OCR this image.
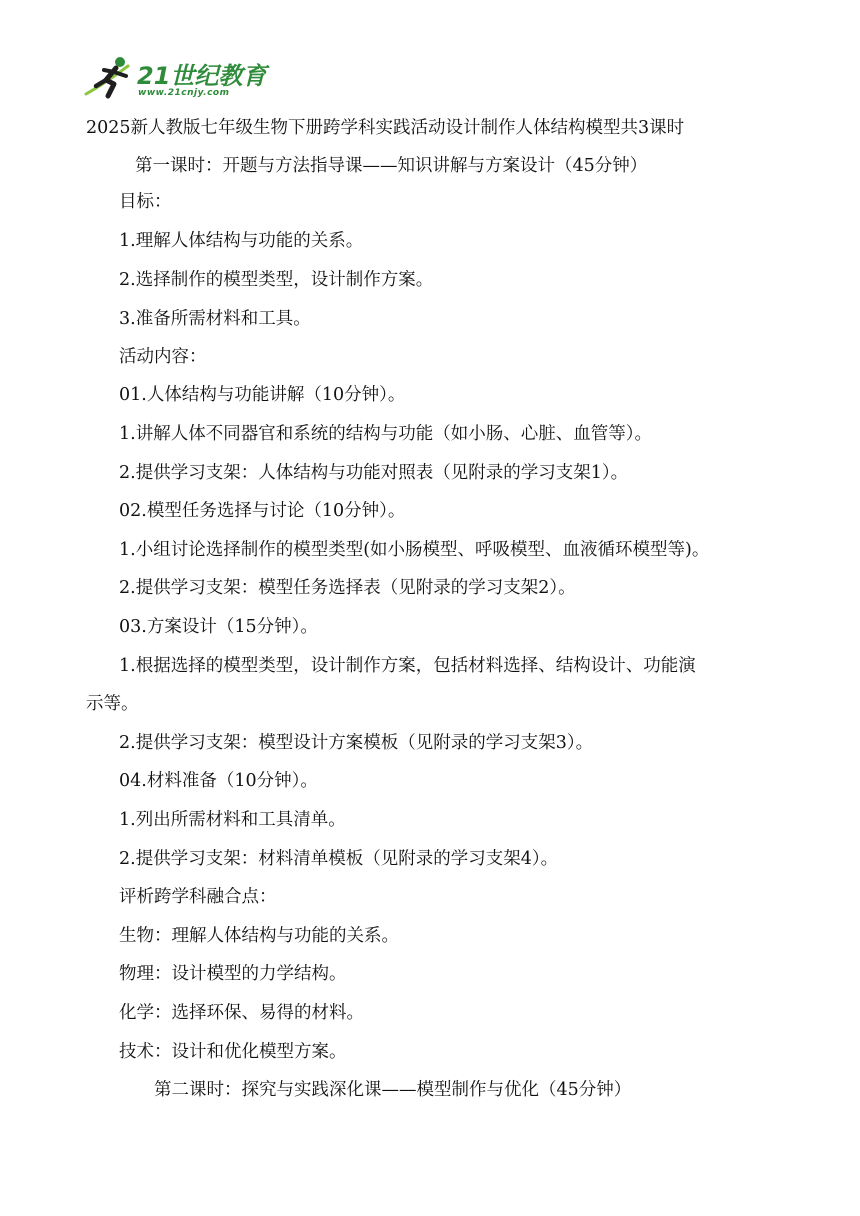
21世纪教育
www.21cnjy.com
2025新人教版七年级生物下册跨学科实践活动设计制作人体结构模型共3课时
第一课时：开题与方法指导课——知识讲解与方案设计（45分钟）
目标：
1.理解人体结构与功能的关系。
2.选择制作的模型类型，设计制作方案。
3.准备所需材料和工具。
活动内容：
01.人体结构与功能讲解（10分钟）。
1.讲解人体不同器官和系统的结构与功能（如小肠、心脏、血管等）。
2.提供学习支架：人体结构与功能对照表（见附录的学习支架1）。
02.模型任务选择与讨论（10分钟）。
1.小组讨论选择制作的模型类型(如小肠模型、呼吸模型、血液循环模型等)。
2.提供学习支架：模型任务选择表（见附录的学习支架2）。
03.方案设计（15分钟）。
1.根据选择的模型类型，设计制作方案，包括材料选择、结构设计、功能演
示等。
2.提供学习支架：模型设计方案模板（见附录的学习支架3）。
04.材料准备（10分钟）。
1.列出所需材料和工具清单。
2.提供学习支架：材料清单模板（见附录的学习支架4）。
评析跨学科融合点：
生物：理解人体结构与功能的关系。
物理：设计模型的力学结构。
化学：选择环保、易得的材料。
技术：设计和优化模型方案。
第二课时：探究与实践深化课——模型制作与优化（45分钟）
